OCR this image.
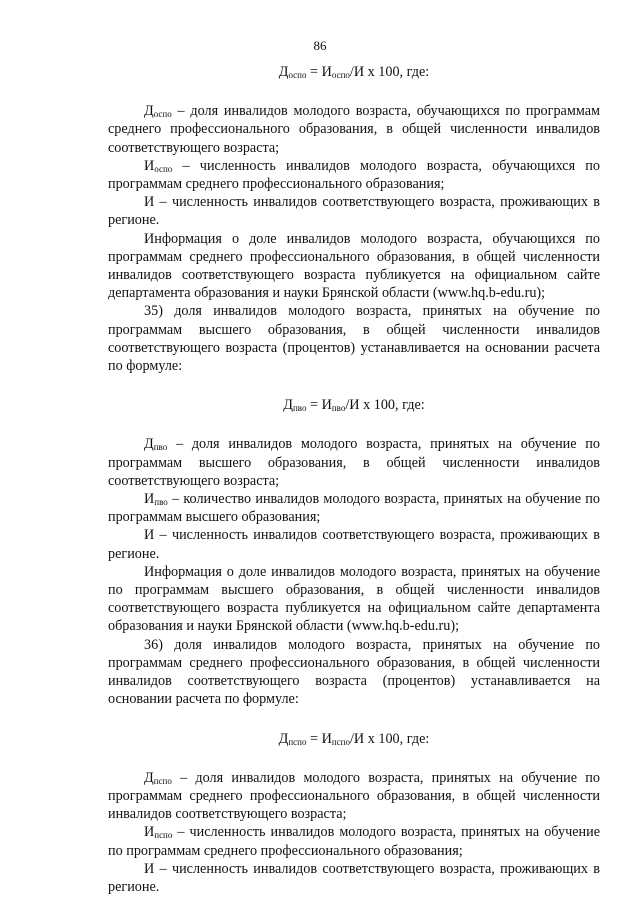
86

$Д_{оспо} = И_{оспо}/И$ х 100, где:

$Д_{оспо}$ – доля инвалидов молодого возраста, обучающихся по программам среднего профессионального образования, в общей численности инвалидов соответствующего возраста;

$И_{оспо}$ – численность инвалидов молодого возраста, обучающихся по программам среднего профессионального образования;

И – численность инвалидов соответствующего возраста, проживающих в регионе.

Информация о доле инвалидов молодого возраста, обучающихся по программам среднего профессионального образования, в общей численности инвалидов соответствующего возраста публикуется на официальном сайте департамента образования и науки Брянской области (www.hq.b-edu.ru);

35) доля инвалидов молодого возраста, принятых на обучение по программам высшего образования, в общей численности инвалидов соответствующего возраста (процентов) устанавливается на основании расчета по формуле:

$Д_{пво} = И_{пво}/И$ х 100, где:

$Д_{пво}$ – доля инвалидов молодого возраста, принятых на обучение по программам высшего образования, в общей численности инвалидов соответствующего возраста;

$И_{пво}$ – количество инвалидов молодого возраста, принятых на обучение по программам высшего образования;

И – численность инвалидов соответствующего возраста, проживающих в регионе.

Информация о доле инвалидов молодого возраста, принятых на обучение по программам высшего образования, в общей численности инвалидов соответствующего возраста публикуется на официальном сайте департамента образования и науки Брянской области (www.hq.b-edu.ru);

36) доля инвалидов молодого возраста, принятых на обучение по программам среднего профессионального образования, в общей численности инвалидов соответствующего возраста (процентов) устанавливается на основании расчета по формуле:

$Д_{пспо} = И_{пспо}/И$ х 100, где:

$Д_{пспо}$ – доля инвалидов молодого возраста, принятых на обучение по программам среднего профессионального образования, в общей численности инвалидов соответствующего возраста;

$И_{пспо}$ – численность инвалидов молодого возраста, принятых на обучение по программам среднего профессионального образования;

И – численность инвалидов соответствующего возраста, проживающих в регионе.
